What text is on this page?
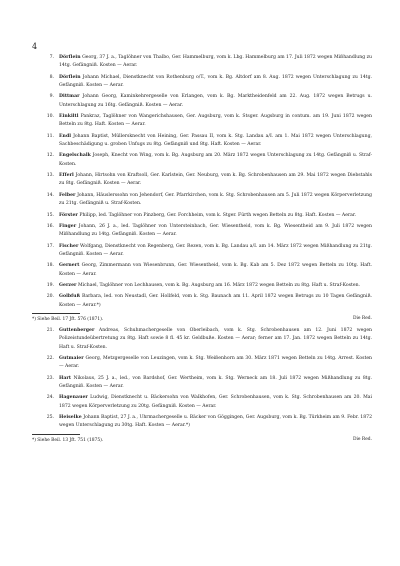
4
7. Dörflein Georg, 37 J. a., Taglöhner von Thalbo, Ger. Hammelburg, vom k. Lbg. Hammelburg am 17. Juli 1872 wegen Mißhandlung zu 14tg. Gefängniß. Kosten — Aerar.
8. Dörflein Johann Michael, Dienstknecht von Rothenburg o/T., vom k. Bg. Altdorf am 8. Aug. 1872 wegen Unterschlagung zu 14tg. Gefängniß. Kosten — Aerar.
9. Dittmar Johann Georg, Kaminkehrergeselle von Erlangen, vom k. Bg. Marktheidenfeld am 22. Aug. 1872 wegen Betrugs u. Unterschlagung zu 16tg. Gefängniß. Kosten — Aerar.
10. Einkiltl Pankraz, Taglöhner von Wangerichshausen, Ger. Augsburg, vom k. Stsger. Augsburg in contum. am 19. Juni 1872 wegen Betteln zu 8tg. Haft. Kosten — Aerar.
11. Endl Johann Baptist, Müllersknecht von Heining, Ger. Passau II, vom k. Stg. Landau a/I. am 1. Mai 1872 wegen Unterschlagung, Sachbeschädigung u. groben Unfugs zu 8tg. Gefängniß und 8tg. Haft. Kosten — Aerar.
12. Engelschalk Joseph, Knecht von Wing, vom k. Bg. Augsburg am 20. März 1872 wegen Unterschlagung zu 14tg. Gefängniß u. Straf-Kosten.
13. Efferl Johann, Hirtsohn von Kraftsoll, Ger. Karlstein, Ger. Neuburg, vom k. Bg. Schrobenhausen am 29. Mai 1872 wegen Diebstahls zu 8tg. Gefängniß. Kosten — Aerar.
14. Felber Johann, Häuslerssohn von Jehendorf, Ger. Pfarrkirchen, vom k. Stg. Schrobenhausen am 5. Juli 1872 wegen Körperverletzung zu 21tg. Gefängniß u. Straf-Kosten.
15. Förster Philipp, led. Taglöhner von Pinzberg, Ger. Forchheim, vom k. Stger. Fürth wegen Betteln zu 8tg. Haft. Kosten — Aerar.
16. Finger Johann, 26 J. a., led. Taglöhner von Untersteinbach, Ger. Wiesentheid, vom k. Bg. Wiesentheid am 9. Juli 1872 wegen Mißhandlung zu 14tg. Gefängniß. Kosten — Aerar.
17. Fischer Wolfgang, Dienstknecht von Regenberg, Ger. Rezen, vom k. Bg. Landau a/I. am 14. März 1872 wegen Mißhandlung zu 21tg. Gefängniß. Kosten — Aerar.
18. Gernert Georg, Zimmermann von Wiesenbrunn, Ger. Wiesentheid, vom k. Bg. Kab am 5. Dez 1872 wegen Betteln zu 10tg. Haft. Kosten — Aerar.
19. Gerzer Michael, Taglöhner von Lechhausen, vom k. Bg. Augsburg am 16. März 1872 wegen Betteln zu 8tg. Haft u. Straf-Kosten.
20. Golbfuß Barbara, led. von Neustadl, Ger. Hollfeld, vom k. Stg. Baunach am 11. April 1872 wegen Betrugs zu 10 Tagen Gefängniß. Kosten — Aerar.*)
*) Siehe Beil. 17 Jft. 576 (1871).	Die Red.
21. Guttenberger Andreas, Schuhmachergeselle von Oberleibach, vom k. Stg. Schrobenhausen am 12. Juni 1872 wegen Polizeistundeübertretung zu 8tg. Haft sowie 8 fl. 45 kr. Geldbuße. Kosten — Aerar; ferner am 17. Jan. 1872 wegen Betteln zu 14tg. Haft u. Straf-Kosten.
22. Gutmaier Georg, Metzgergeselle von Leuzingen, vom k. Stg. Weißenhorn am 30. März 1871 wegen Betteln zu 14tg. Arrest. Kosten — Aerar.
23. Hart Nikolaus, 25 J. a., led., von Bardshof, Ger. Wertheim, vom k. Stg. Werneck am 18. Juli 1872 wegen Mißhandlung zu 8tg. Gefängniß. Kosten — Aerar.
24. Hagenauer Ludwig, Dienstknecht u. Bäckersohn von Walkhofen, Ger. Schrobenhausen, vom k. Stg. Schrobenhausen am 20. Mai 1872 wegen Körperverletzung zu 20tg. Gefängniß. Kosten — Aerar.
25. Heiselke Johann Baptist, 27 J. a., Uhrmachergeselle u. Bäcker von Göggingen, Ger. Augsburg, vom k. Bg. Türkheim am 9. Febr. 1872 wegen Unterschlagung zu 30tg. Haft. Kosten — Aerar.*)
*) Siehe Beil. 13 Jft. 751 (1875).	Die Red.
